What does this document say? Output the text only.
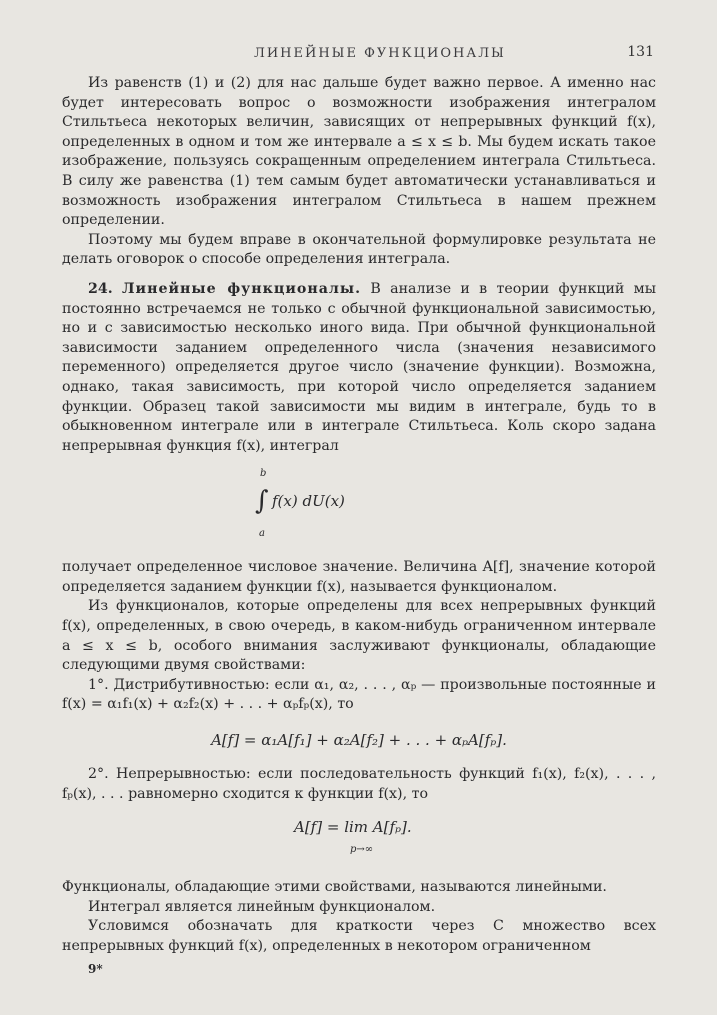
ЛИНЕЙНЫЕ ФУНКЦИОНАЛЫ	131

Из равенств (1) и (2) для нас дальше будет важно первое. А именно нас будет интересовать вопрос о возможности изображения интегралом Стильтьеса некоторых величин, зависящих от непрерывных функций f(x), определенных в одном и том же интервале a ≤ x ≤ b. Мы будем искать такое изображение, пользуясь сокращенным определением интеграла Стильтьеса. В силу же равенства (1) тем самым будет автоматически устанавливаться и возможность изображения интегралом Стильтьеса в нашем прежнем определении.

Поэтому мы будем вправе в окончательной формулировке результата не делать оговорок о способе определения интеграла.

24. Линейные функционалы. В анализе и в теории функций мы постоянно встречаемся не только с обычной функциональной зависимостью, но и с зависимостью несколько иного вида. При обычной функциональной зависимости заданием определенного числа (значения независимого переменного) определяется другое число (значение функции). Возможна, однако, такая зависимость, при которой число определяется заданием функции. Образец такой зависимости мы видим в интеграле, будь то в обыкновенном интеграле или в интеграле Стильтьеса. Коль скоро задана непрерывная функция f(x), интеграл

b
∫ f(x) dU(x)
a

получает определенное числовое значение. Величина A[f], значение которой определяется заданием функции f(x), называется функционалом.

Из функционалов, которые определены для всех непрерывных функций f(x), определенных, в свою очередь, в каком-нибудь ограниченном интервале a ≤ x ≤ b, особого внимания заслуживают функционалы, обладающие следующими двумя свойствами:

1°. Дистрибутивностью: если α₁, α₂, . . . , αₚ — произвольные постоянные и f(x) = α₁f₁(x) + α₂f₂(x) + . . . + αₚfₚ(x), то

A[f] = α₁A[f₁] + α₂A[f₂] + . . . + αₚA[fₚ].

2°. Непрерывностью: если последовательность функций f₁(x), f₂(x), . . . , fₚ(x), . . . равномерно сходится к функции f(x), то

A[f] = lim A[fₚ].
p→∞

Функционалы, обладающие этими свойствами, называются линейными.

Интеграл является линейным функционалом.

Условимся обозначать для краткости через C множество всех непрерывных функций f(x), определенных в некотором ограниченном

9*
